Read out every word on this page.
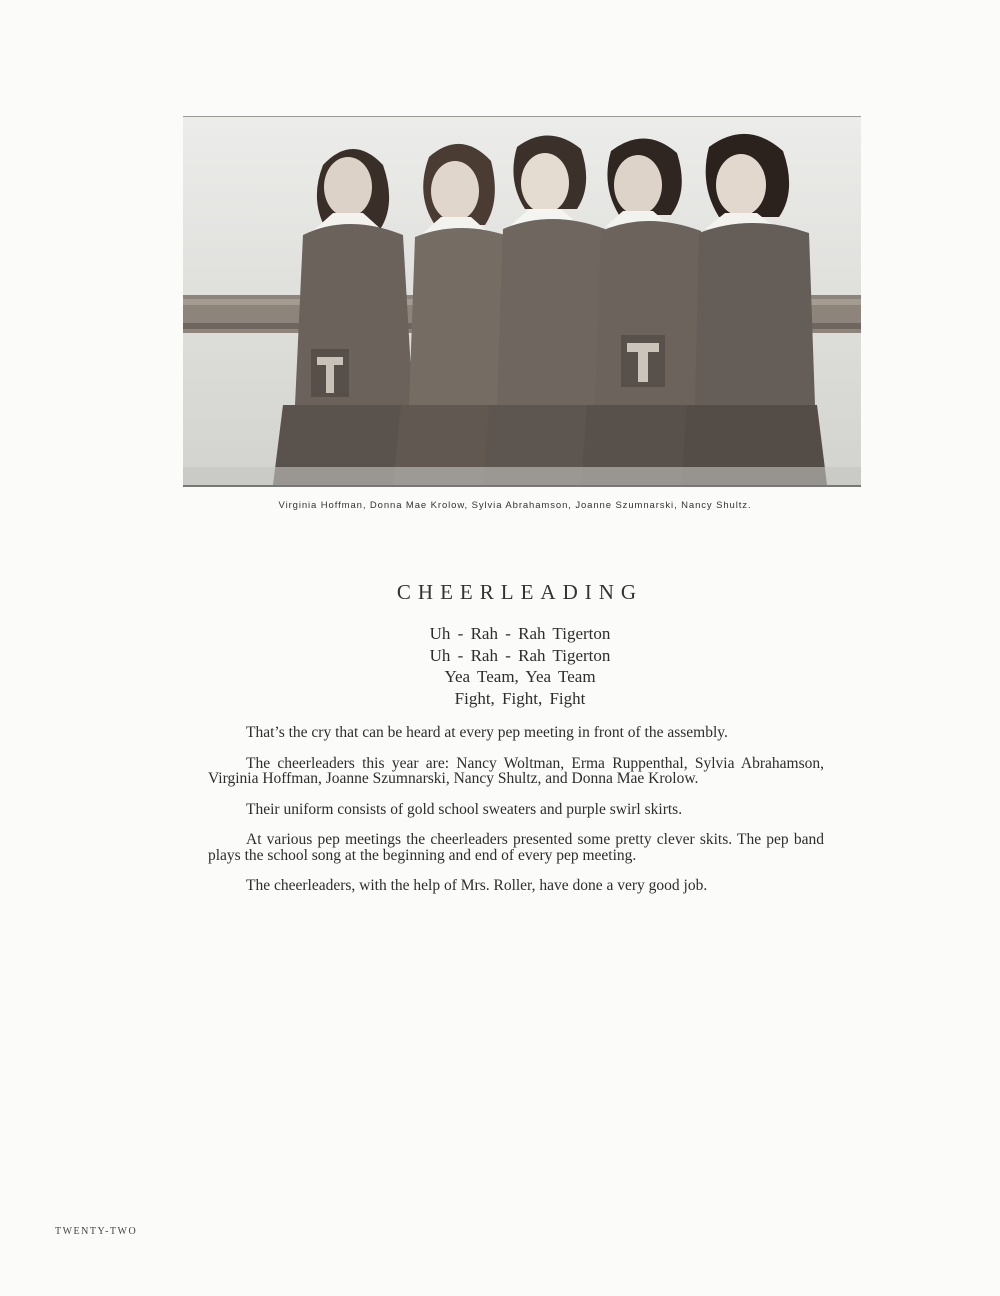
Virginia Hoffman, Donna Mae Krolow, Sylvia Abrahamson, Joanne Szumnarski, Nancy Shultz.
CHEERLEADING
Uh - Rah - Rah Tigerton
Uh - Rah - Rah Tigerton
Yea Team, Yea Team
Fight, Fight, Fight

That’s the cry that can be heard at every pep meeting in front of the assembly.

The cheerleaders this year are: Nancy Woltman, Erma Ruppenthal, Sylvia Abrahamson, Virginia Hoffman, Joanne Szumnarski, Nancy Shultz, and Donna Mae Krolow.

Their uniform consists of gold school sweaters and purple swirl skirts.

At various pep meetings the cheerleaders presented some pretty clever skits. The pep band plays the school song at the beginning and end of every pep meeting.

The cheerleaders, with the help of Mrs. Roller, have done a very good job.

TWENTY-TWO
